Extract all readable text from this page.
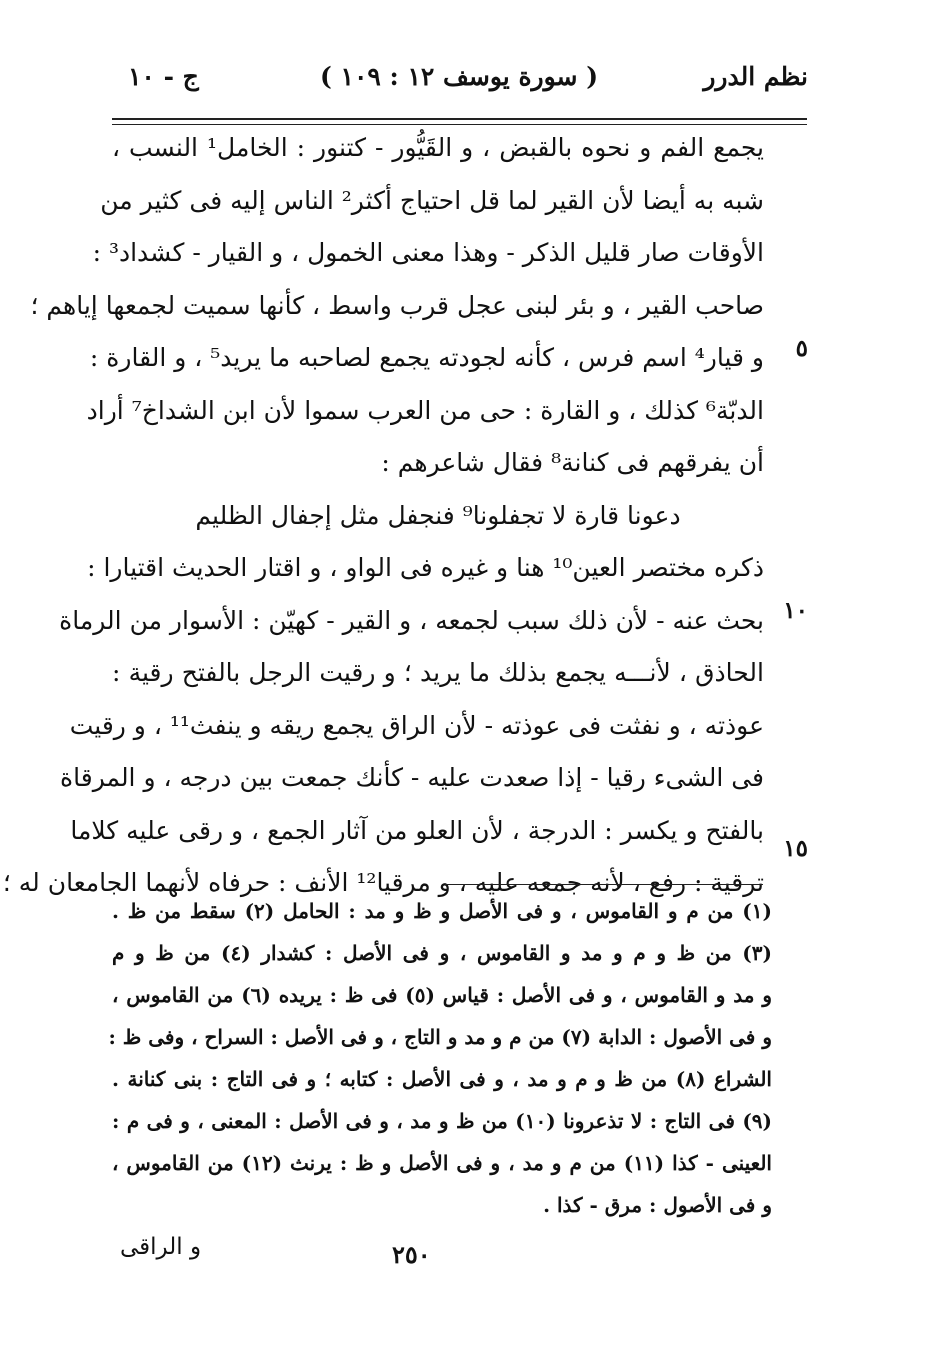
نظم الدرر
( سورة يوسف ١٢ : ١٠٩ )
ج - ١٠
٥
١٠
١٥
يجمع الفم و نحوه بالقبض ، و القَيُّور - كتنور : الخامل¹ النسب ،
شبه به أيضا لأن القير لما قل احتياج أكثر² الناس إليه فى كثير من
الأوقات صار قليل الذكر - وهذا معنى الخمول ، و القيار - كشداد³ :
صاحب القير ، و بئر لبنى عجل قرب واسط ، كأنها سميت لجمعها إياهم ؛
و قيار⁴ اسم فرس ، كأنه لجودته يجمع لصاحبه ما يريد⁵ ، و القارة :
الدبّة⁶ كذلك ، و القارة : حى من العرب سموا لأن ابن الشداخ⁷ أراد
أن يفرقهم فى كنانة⁸ فقال شاعرهم :
دعونا قارة لا تجفلونا⁹ فنجفل مثل إجفال الظليم
ذكره مختصر العين¹⁰ هنا و غيره فى الواو ، و اقتار الحديث اقتيارا :
بحث عنه - لأن ذلك سبب لجمعه ، و القير - كهيّن : الأسوار من الرماة
الحاذق ، لأنـــه يجمع بذلك ما يريد ؛ و رقيت الرجل بالفتح رقية :
عوذته ، و نفثت فى عوذته - لأن الراق يجمع ريقه و ينفث¹¹ ، و رقيت
فى الشىء رقيا - إذا صعدت عليه - كأنك جمعت بين درجه ، و المرقاة
بالفتح و يكسر : الدرجة ، لأن العلو من آثار الجمع ، و رقى عليه كلاما
ترقية : رفع ، لأنه جمعه عليه ، و مرقيا¹² الأنف : حرفاه لأنهما الجامعان له ؛
(١) من م و القاموس ، و فى الأصل و ظ و مد : الحامل (٢) سقط من ظ .
(٣) من ظ و م و مد و القاموس ، و فى الأصل : كشدار (٤) من ظ و م
و مد و القاموس ، و فى الأصل : قياس (٥) فى ظ : يريده (٦) من القاموس ،
و فى الأصول : الدابة (٧) من م و مد و التاج ، و فى الأصل : السراح ، وفى ظ :
الشراع (٨) من ظ و م و مد ، و فى الأصل : كتابه ؛ و فى التاج : بنى كنانة .
(٩) فى التاج : لا تذعرونا (١٠) من ظ و مد ، و فى الأصل : المعنى ، و فى م :
العينى - كذا (١١) من م و مد ، و فى الأصل و ظ : يرنث (١٢) من القاموس ،
و فى الأصول : مرق - كذا .
٢٥٠
و الراقى
